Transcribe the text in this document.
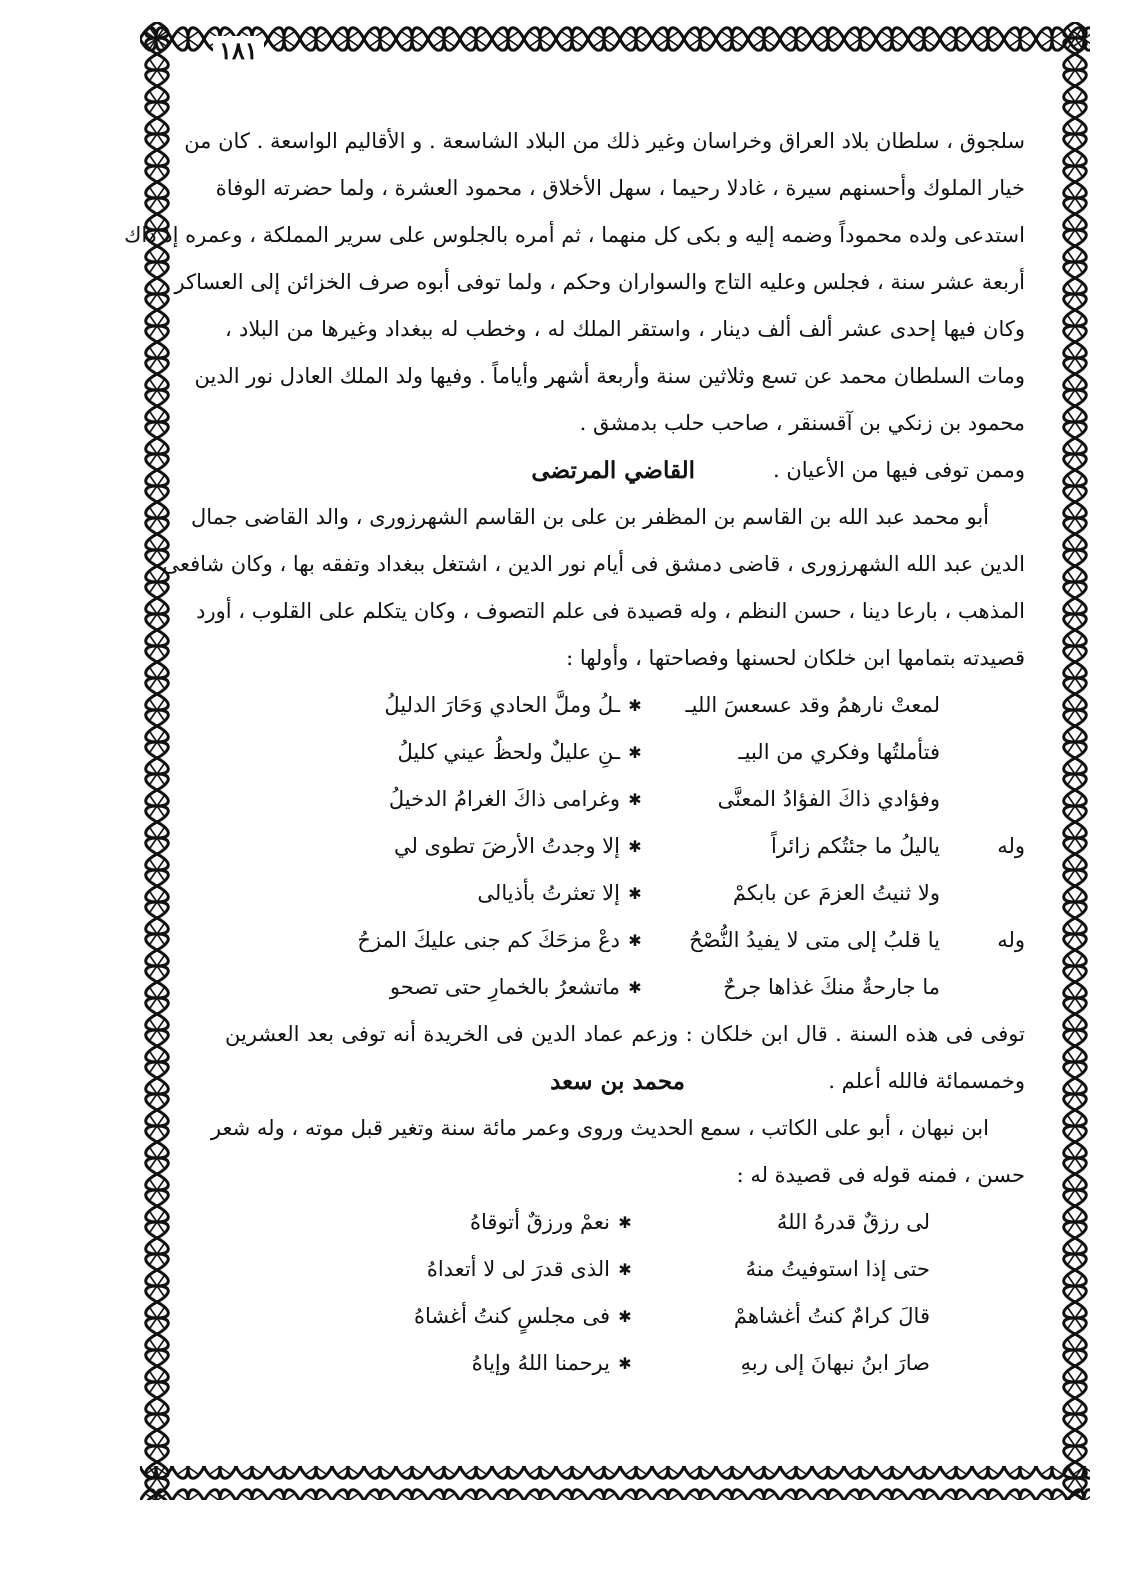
١٨١
سلجوق ، سلطان بلاد العراق وخراسان وغير ذلك من البلاد الشاسعة . و الأقاليم الواسعة . كان من
خيار الملوك وأحسنهم سيرة ، غادلا رحيما ، سهل الأخلاق ، محمود العشرة ، ولما حضرته الوفاة
استدعى ولده محموداً وضمه إليه و بكى كل منهما ، ثم أمره بالجلوس على سرير المملكة ، وعمره إذ ذاك
أربعة عشر سنة ، فجلس وعليه التاج والسواران وحكم ، ولما توفى أبوه صرف الخزائن إلى العساكر
وكان فيها إحدى عشر ألف ألف دينار ، واستقر الملك له ، وخطب له ببغداد وغيرها من البلاد ،
ومات السلطان محمد عن تسع وثلاثين سنة وأربعة أشهر وأياماً . وفيها ولد الملك العادل نور الدين
محمود بن زنكي بن آقسنقر ، صاحب حلب بدمشق .
وممن توفى فيها من الأعيان .
القاضي المرتضى
أبو محمد عبد الله بن القاسم بن المظفر بن على بن القاسم الشهرزورى ، والد القاضى جمال
الدين عبد الله الشهرزورى ، قاضى دمشق فى أيام نور الدين ، اشتغل ببغداد وتفقه بها ، وكان شافعى
المذهب ، بارعا دينا ، حسن النظم ، وله قصيدة فى علم التصوف ، وكان يتكلم على القلوب ، أورد
قصيدته بتمامها ابن خلكان لحسنها وفصاحتها ، وأولها :
لمعتْ نارهمُ وقد عسعسَ الليـ
✱
ـلُ وملَّ الحادي وَحَارَ الدليلُ
فتأملتُها وفكري من البيـ
✱
ـنِ عليلٌ ولحظُ عيني كليلُ
وفؤادي ذاكَ الفؤادُ المعنَّى
✱
وغرامى ذاكَ الغرامُ الدخيلُ
وله
ياليلُ ما جئتُكم زائراً
✱
إلا وجدتُ الأرضَ تطوى لي
ولا ثنيتُ العزمَ عن بابكمْ
✱
إلا تعثرتُ بأذيالى
وله
يا قلبُ إلى متى لا يفيدُ النُّصْحُ
✱
دعْ مزحَكَ كم جنى عليكَ المزحُ
ما جارحةٌ منكَ غذاها جرحٌ
✱
ماتشعرُ بالخمارِ حتى تصحو
توفى فى هذه السنة . قال ابن خلكان : وزعم عماد الدين فى الخريدة أنه توفى بعد العشرين
وخمسمائة فالله أعلم .
محمد بن سعد
ابن نبهان ، أبو على الكاتب ، سمع الحديث وروى وعمر مائة سنة وتغير قبل موته ، وله شعر
حسن ، فمنه قوله فى قصيدة له :
لى رزقٌ قدرهُ اللهُ
✱
نعمْ ورزقٌ أتوقاهُ
حتى إذا استوفيتُ منهُ
✱
الذى قدرَ لى لا أتعداهُ
قالَ كرامٌ كنتُ أغشاهمْ
✱
فى مجلسٍ كنتُ أغشاهُ
صارَ ابنُ نبهانَ إلى ربهِ
✱
يرحمنا اللهُ وإياهُ
